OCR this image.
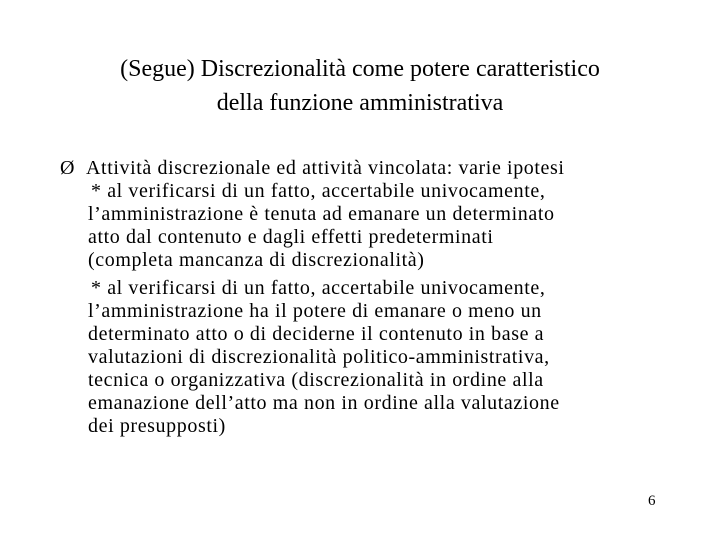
(Segue) Discrezionalità come potere caratteristico
della funzione amministrativa
Ø Attività discrezionale ed attività vincolata: varie ipotesi
* al verificarsi di un fatto, accertabile univocamente,
l’amministrazione è tenuta ad emanare un determinato
atto dal contenuto e dagli effetti predeterminati
(completa mancanza di discrezionalità)
* al verificarsi di un fatto, accertabile univocamente,
l’amministrazione ha il potere di emanare o meno un
determinato atto o di deciderne il contenuto in base a
valutazioni di discrezionalità politico-amministrativa,
tecnica o organizzativa (discrezionalità in ordine alla
emanazione dell’atto ma non in ordine alla valutazione
dei presupposti)
6
